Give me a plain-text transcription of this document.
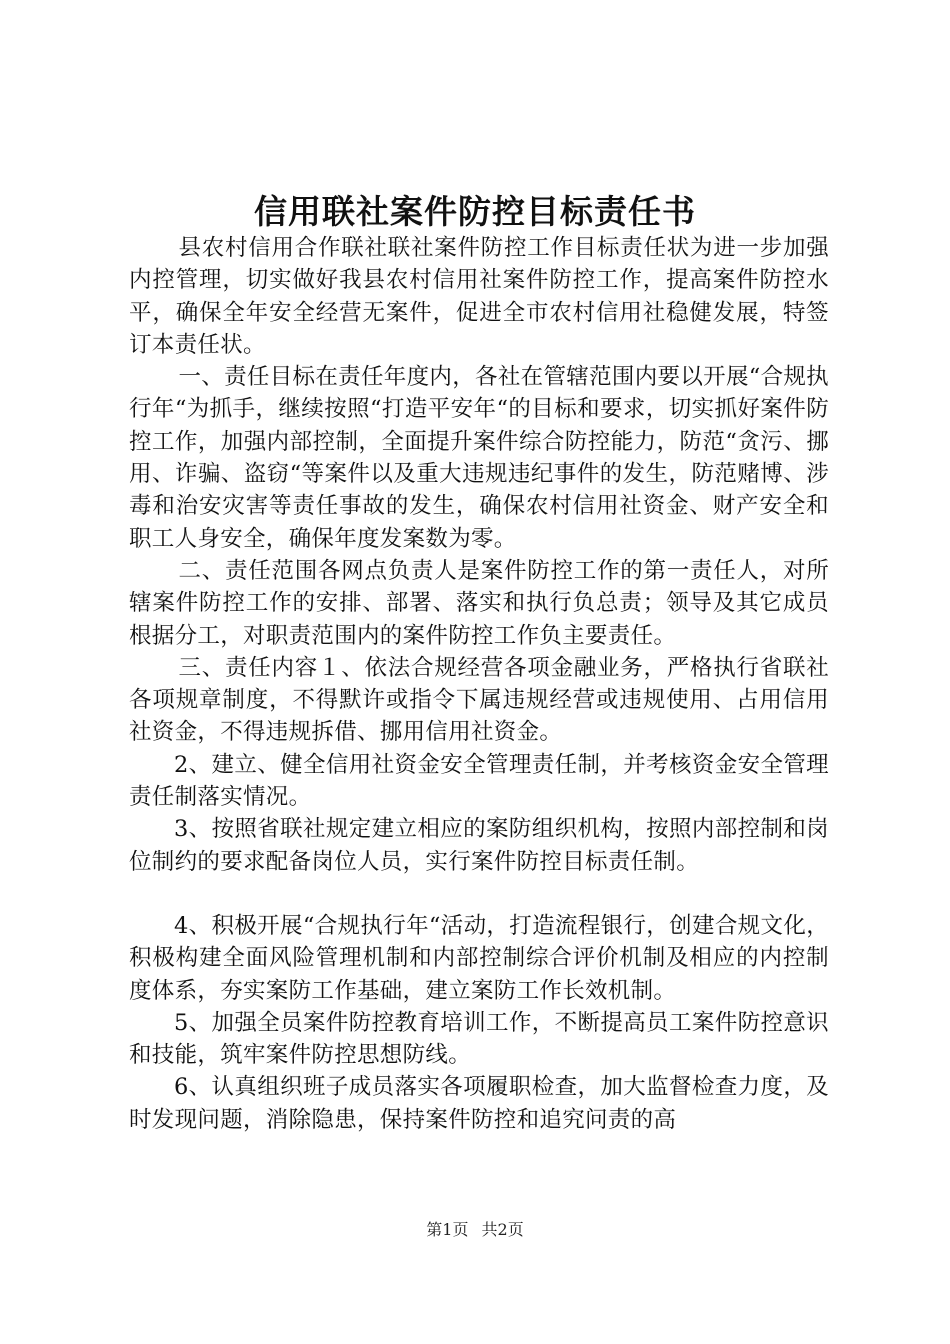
信用联社案件防控目标责任书

县农村信用合作联社联社案件防控工作目标责任状为进一步加强内控管理，切实做好我县农村信用社案件防控工作，提高案件防控水平，确保全年安全经营无案件，促进全市农村信用社稳健发展，特签订本责任状。

一、责任目标在责任年度内，各社在管辖范围内要以开展“合规执行年“为抓手，继续按照“打造平安年“的目标和要求，切实抓好案件防控工作，加强内部控制，全面提升案件综合防控能力，防范“贪污、挪用、诈骗、盗窃“等案件以及重大违规违纪事件的发生，防范赌博、涉毒和治安灾害等责任事故的发生，确保农村信用社资金、财产安全和职工人身安全，确保年度发案数为零。

二、责任范围各网点负责人是案件防控工作的第一责任人，对所辖案件防控工作的安排、部署、落实和执行负总责；领导及其它成员根据分工，对职责范围内的案件防控工作负主要责任。

三、责任内容１、依法合规经营各项金融业务，严格执行省联社各项规章制度，不得默许或指令下属违规经营或违规使用、占用信用社资金，不得违规拆借、挪用信用社资金。

2、建立、健全信用社资金安全管理责任制，并考核资金安全管理责任制落实情况。

3、按照省联社规定建立相应的案防组织机构，按照内部控制和岗位制约的要求配备岗位人员，实行案件防控目标责任制。

4、积极开展“合规执行年“活动，打造流程银行，创建合规文化，积极构建全面风险管理机制和内部控制综合评价机制及相应的内控制度体系，夯实案防工作基础，建立案防工作长效机制。

5、加强全员案件防控教育培训工作，不断提高员工案件防控意识和技能，筑牢案件防控思想防线。

6、认真组织班子成员落实各项履职检查，加大监督检查力度，及时发现问题，消除隐患，保持案件防控和追究问责的高

第1页 共2页
